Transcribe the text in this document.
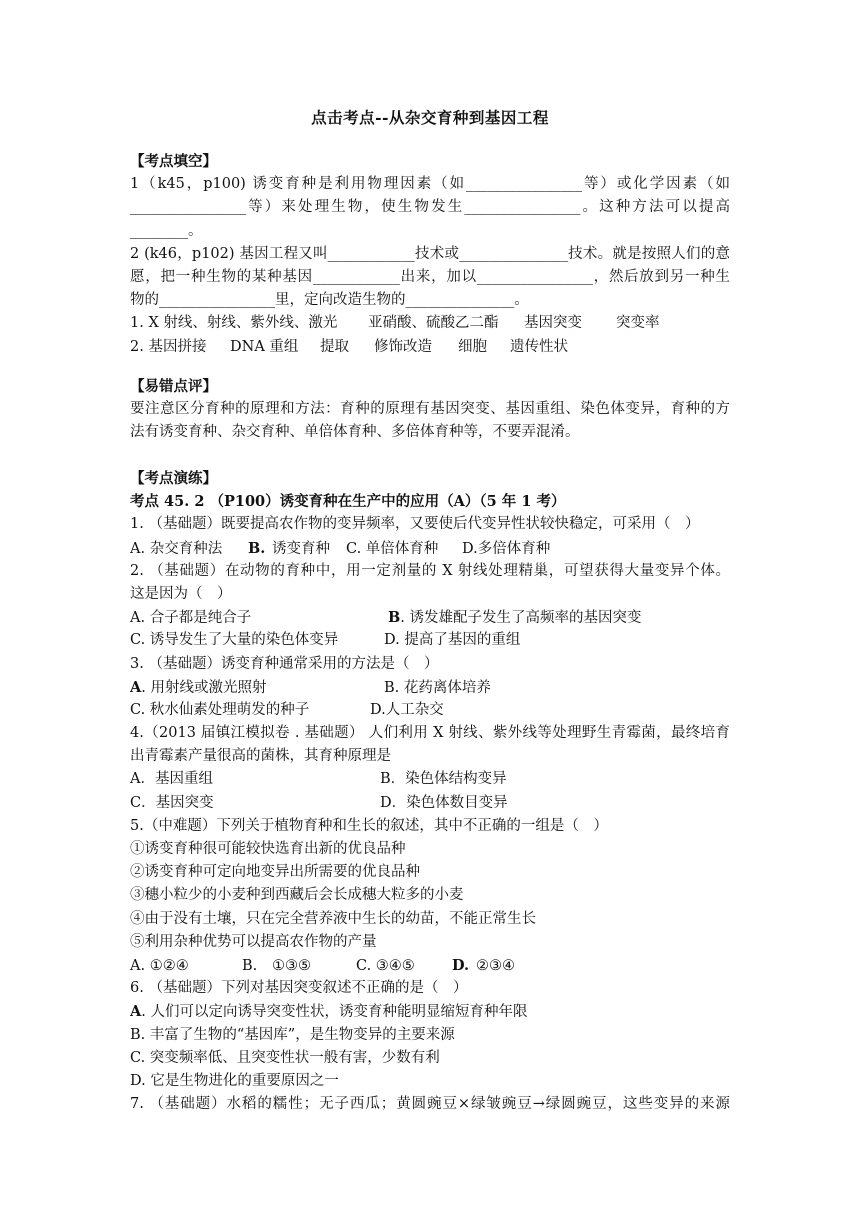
点击考点--从杂交育种到基因工程
【考点填空】
1（k45，p100) 诱变育种是利用物理因素（如________________等）或化学因素（如
________________等）来处理生物，使生物发生________________。这种方法可以提高
________。
2 (k46，p102) 基因工程又叫____________技术或_______________技术。就是按照人们的意
愿，把一种生物的某种基因____________出来，加以________________，然后放到另一种生
物的________________里，定向改造生物的_______________。
1. X 射线、射线、紫外线、激光 亚硝酸、硫酸乙二酯 基因突变 突变率
2. 基因拼接 DNA 重组 提取 修饰改造 细胞 遗传性状
【易错点评】
要注意区分育种的原理和方法：育种的原理有基因突变、基因重组、染色体变异，育种的方
法有诱变育种、杂交育种、单倍体育种、多倍体育种等，不要弄混淆。
【考点演练】
考点 45. 2 （P100）诱变育种在生产中的应用（A）（5 年 1 考）
1. （基础题）既要提高农作物的变异频率，又要使后代变异性状较快稳定，可采用（　）
A. 杂交育种法 B. 诱变育种 C. 单倍体育种 D.多倍体育种
2. （基础题）在动物的育种中，用一定剂量的 X 射线处理精巢，可望获得大量变异个体。
这是因为（　）
A. 合子都是纯合子	B. 诱发雄配子发生了高频率的基因突变
C. 诱导发生了大量的染色体变异	D. 提高了基因的重组
3. （基础题）诱变育种通常采用的方法是（　）
A. 用射线或激光照射	B. 花药离体培养
C. 秋水仙素处理萌发的种子	D.人工杂交
4.（2013 届镇江模拟卷 . 基础题） 人们利用 X 射线、紫外线等处理野生青霉菌，最终培育
出青霉素产量很高的菌株，其育种原理是
A．基因重组	B．染色体结构变异
C．基因突变	D．染色体数目变异
5.（中难题）下列关于植物育种和生长的叙述，其中不正确的一组是（　）
①诱变育种很可能较快选育出新的优良品种
②诱变育种可定向地变异出所需要的优良品种
③穗小粒少的小麦种到西藏后会长成穗大粒多的小麦
④由于没有土壤，只在完全营养液中生长的幼苗，不能正常生长
⑤利用杂种优势可以提高农作物的产量
A. ①②④	B. ①③⑤	C. ③④⑤	D. ②③④
6. （基础题）下列对基因突变叙述不正确的是（　）
A. 人们可以定向诱导突变性状，诱变育种能明显缩短育种年限
B. 丰富了生物的“基因库”，是生物变异的主要来源
C. 突变频率低、且突变性状一般有害，少数有利
D. 它是生物进化的重要原因之一
7. （基础题）水稻的糯性；无子西瓜；黄圆豌豆×绿皱豌豆→绿圆豌豆，这些变异的来源
